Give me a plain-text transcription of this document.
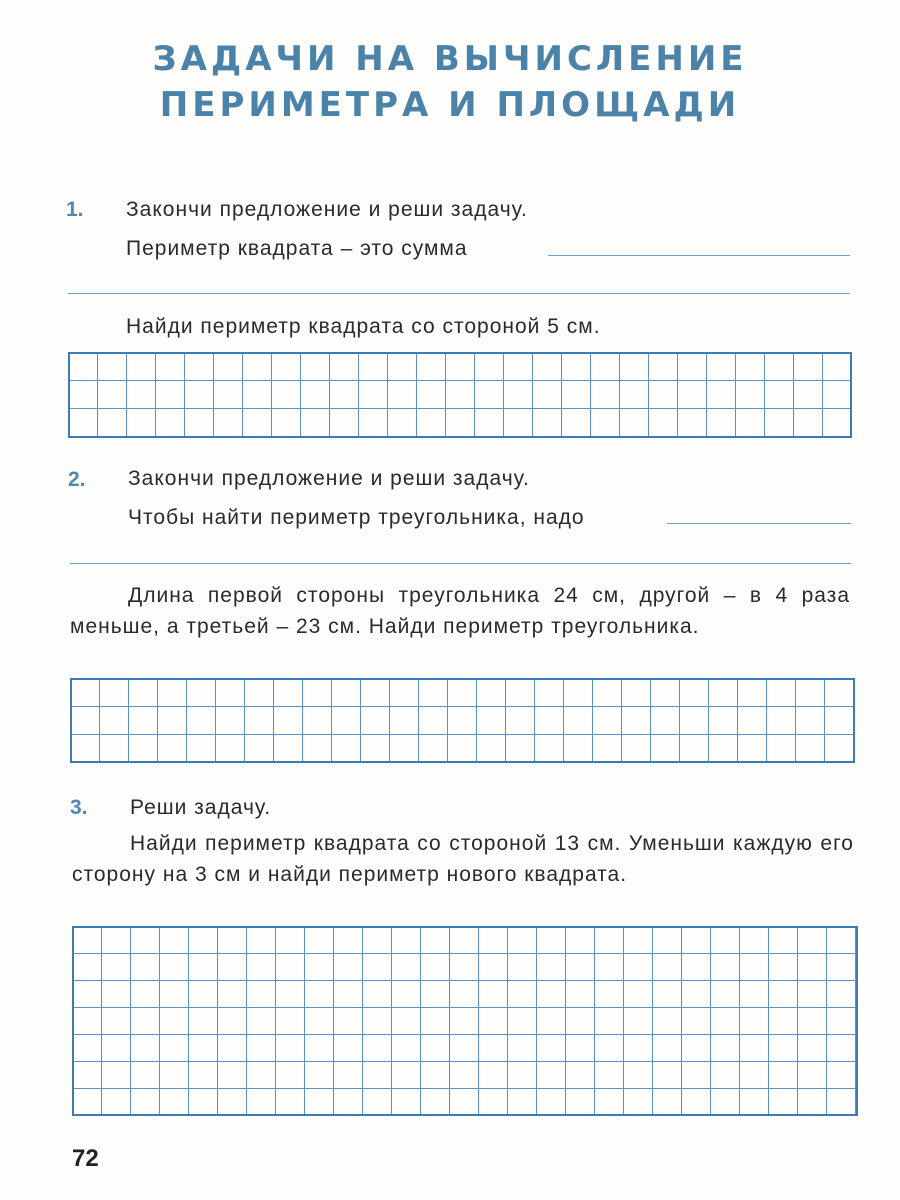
ЗАДАЧИ НА ВЫЧИСЛЕНИЕ
ПЕРИМЕТРА И ПЛОЩАДИ
1. Закончи предложение и реши задачу.
Периметр квадрата – это сумма
Найди периметр квадрата со стороной 5 см.
2. Закончи предложение и реши задачу.
Чтобы найти периметр треугольника, надо
Длина первой стороны треугольника 24 см, другой – в 4 раза меньше, а третьей – 23 см. Найди периметр треугольника.
3. Реши задачу.
Найди периметр квадрата со стороной 13 см. Уменьши каждую его сторону на 3 см и найди периметр нового квадрата.
72
